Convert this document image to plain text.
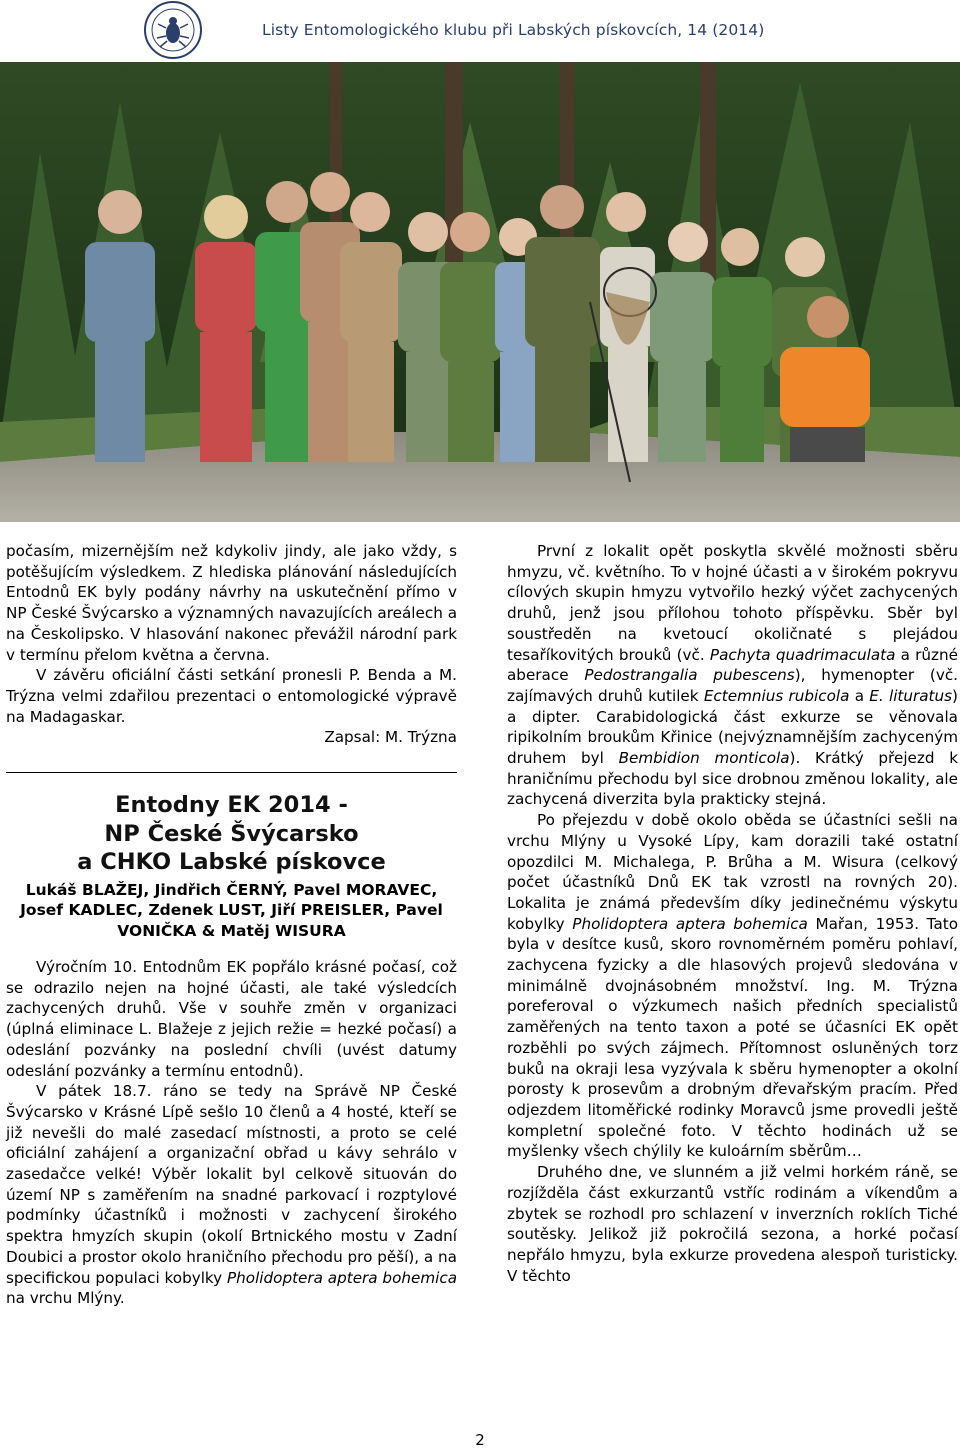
Listy Entomologického klubu při Labských pískovcích, 14 (2014)

počasím, mizernějším než kdykoliv jindy, ale jako vždy, s potěšujícím výsledkem. Z hlediska plánování následujících Entodnů EK byly podány návrhy na uskutečnění přímo v NP České Švýcarsko a významných navazujících areálech a na Českolipsko. V hlasování nakonec převážil národní park v termínu přelom května a června.

V závěru oficiální části setkání pronesli P. Benda a M. Trýzna velmi zdařilou prezentaci o entomologické výpravě na Madagaskar.

Zapsal: M. Trýzna

Entodny EK 2014 -
NP České Švýcarsko
a CHKO Labské pískovce
Lukáš BLAŽEJ, Jindřich ČERNÝ, Pavel MORAVEC, Josef KADLEC, Zdenek LUST, Jiří PREISLER, Pavel VONIČKA & Matěj WISURA

Výročním 10. Entodnům EK popřálo krásné počasí, což se odrazilo nejen na hojné účasti, ale také výsledcích zachycených druhů. Vše v souhře změn v organizaci (úplná eliminace L. Blažeje z jejich režie = hezké počasí) a odeslání pozvánky na poslední chvíli (uvést datumy odeslání pozvánky a termínu entodnů).

V pátek 18.7. ráno se tedy na Správě NP České Švýcarsko v Krásné Lípě sešlo 10 členů a 4 hosté, kteří se již nevešli do malé zasedací místnosti, a proto se celé oficiální zahájení a organizační obřad u kávy sehrálo v zasedačce velké! Výběr lokalit byl celkově situován do území NP s zaměřením na snadné parkovací i rozptylové podmínky účastníků i možnosti v zachycení širokého spektra hmyzích skupin (okolí Brtnického mostu v Zadní Doubici a prostor okolo hraničního přechodu pro pěší), a na specifickou populaci kobylky Pholidoptera aptera bohemica na vrchu Mlýny.

První z lokalit opět poskytla skvělé možnosti sběru hmyzu, vč. květního. To v hojné účasti a v širokém pokryvu cílových skupin hmyzu vytvořilo hezký výčet zachycených druhů, jenž jsou přílohou tohoto příspěvku. Sběr byl soustředěn na kvetoucí okoličnaté s plejádou tesaříkovitých brouků (vč. Pachyta quadrimaculata a různé aberace Pedostrangalia pubescens), hymenopter (vč. zajímavých druhů kutilek Ectemnius rubicola a E. lituratus) a dipter. Carabidologická část exkurze se věnovala ripikolním broukům Křinice (nejvýznamnějším zachyceným druhem byl Bembidion monticola). Krátký přejezd k hraničnímu přechodu byl sice drobnou změnou lokality, ale zachycená diverzita byla prakticky stejná.

Po přejezdu v době okolo oběda se účastníci sešli na vrchu Mlýny u Vysoké Lípy, kam dorazili také ostatní opozdilci M. Michalega, P. Brůha a M. Wisura (celkový počet účastníků Dnů EK tak vzrostl na rovných 20). Lokalita je známá především díky jedinečnému výskytu kobylky Pholidoptera aptera bohemica Mařan, 1953. Tato byla v desítce kusů, skoro rovnoměrném poměru pohlaví, zachycena fyzicky a dle hlasových projevů sledována v minimálně dvojnásobném množství. Ing. M. Trýzna poreferoval o výzkumech našich předních specialistů zaměřených na tento taxon a poté se účasníci EK opět rozběhli po svých zájmech. Přítomnost osluněných torz buků na okraji lesa vyzývala k sběru hymenopter a okolní porosty k prosevům a drobným dřevařským pracím. Před odjezdem litoměřické rodinky Moravců jsme provedli ještě kompletní společné foto. V těchto hodinách už se myšlenky všech chýlily ke kuloárním sběrům…

Druhého dne, ve slunném a již velmi horkém ráně, se rozjížděla část exkurzantů vstříc rodinám a víkendům a zbytek se rozhodl pro schlazení v inverzních roklích Tiché soutěsky. Jelikož již pokročilá sezona, a horké počasí nepřálo hmyzu, byla exkurze provedena alespoň turisticky. V těchto

2
